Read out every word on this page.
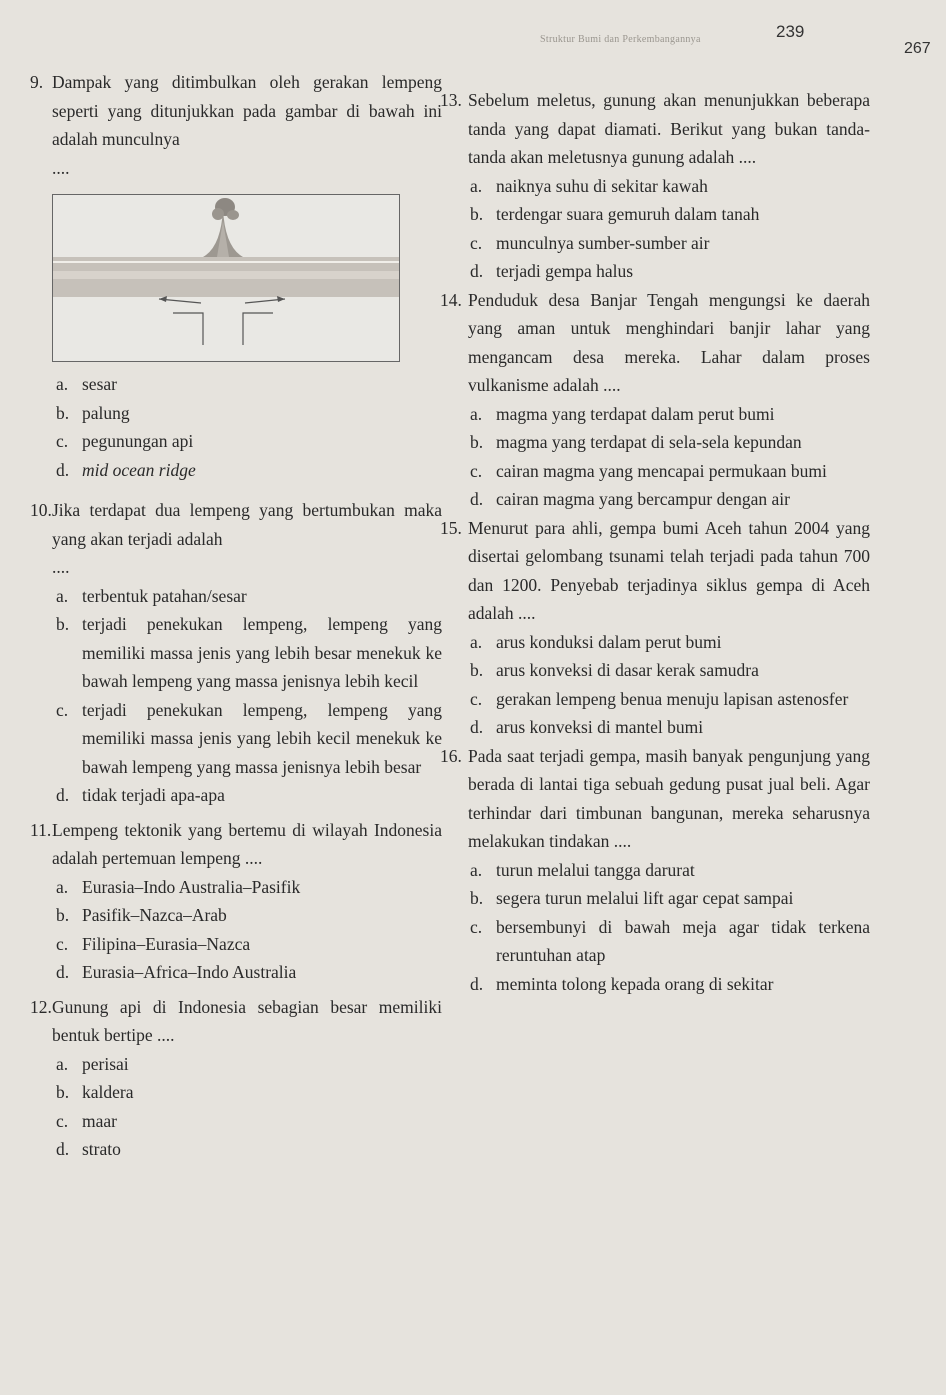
Struktur Bumi dan Perkembangannya	239
267
9. Dampak yang ditimbulkan oleh gerakan lempeng seperti yang ditunjukkan pada gambar di bawah ini adalah munculnya
....
a. sesar
b. palung
c. pegunungan api
d. mid ocean ridge
10. Jika terdapat dua lempeng yang bertumbukan maka yang akan terjadi adalah
....
a. terbentuk patahan/sesar
b. terjadi penekukan lempeng, lempeng yang memiliki massa jenis yang lebih besar menekuk ke bawah lempeng yang massa jenisnya lebih kecil
c. terjadi penekukan lempeng, lempeng yang memiliki massa jenis yang lebih kecil menekuk ke bawah lempeng yang massa jenisnya lebih besar
d. tidak terjadi apa-apa
11. Lempeng tektonik yang bertemu di wilayah Indonesia adalah pertemuan lempeng ....
a. Eurasia–Indo Australia–Pasifik
b. Pasifik–Nazca–Arab
c. Filipina–Eurasia–Nazca
d. Eurasia–Africa–Indo Australia
12. Gunung api di Indonesia sebagian besar memiliki bentuk bertipe ....
a. perisai
b. kaldera
c. maar
d. strato
13. Sebelum meletus, gunung akan menunjukkan beberapa tanda yang dapat diamati. Berikut yang bukan tanda-tanda akan meletusnya gunung adalah ....
a. naiknya suhu di sekitar kawah
b. terdengar suara gemuruh dalam tanah
c. munculnya sumber-sumber air
d. terjadi gempa halus
14. Penduduk desa Banjar Tengah mengungsi ke daerah yang aman untuk menghindari banjir lahar yang mengancam desa mereka. Lahar dalam proses vulkanisme adalah ....
a. magma yang terdapat dalam perut bumi
b. magma yang terdapat di sela-sela kepundan
c. cairan magma yang mencapai permukaan bumi
d. cairan magma yang bercampur dengan air
15. Menurut para ahli, gempa bumi Aceh tahun 2004 yang disertai gelombang tsunami telah terjadi pada tahun 700 dan 1200. Penyebab terjadinya siklus gempa di Aceh adalah ....
a. arus konduksi dalam perut bumi
b. arus konveksi di dasar kerak samudra
c. gerakan lempeng benua menuju lapisan astenosfer
d. arus konveksi di mantel bumi
16. Pada saat terjadi gempa, masih banyak pengunjung yang berada di lantai tiga sebuah gedung pusat jual beli. Agar terhindar dari timbunan bangunan, mereka seharusnya melakukan tindakan ....
a. turun melalui tangga darurat
b. segera turun melalui lift agar cepat sampai
c. bersembunyi di bawah meja agar tidak terkena reruntuhan atap
d. meminta tolong kepada orang di sekitar
